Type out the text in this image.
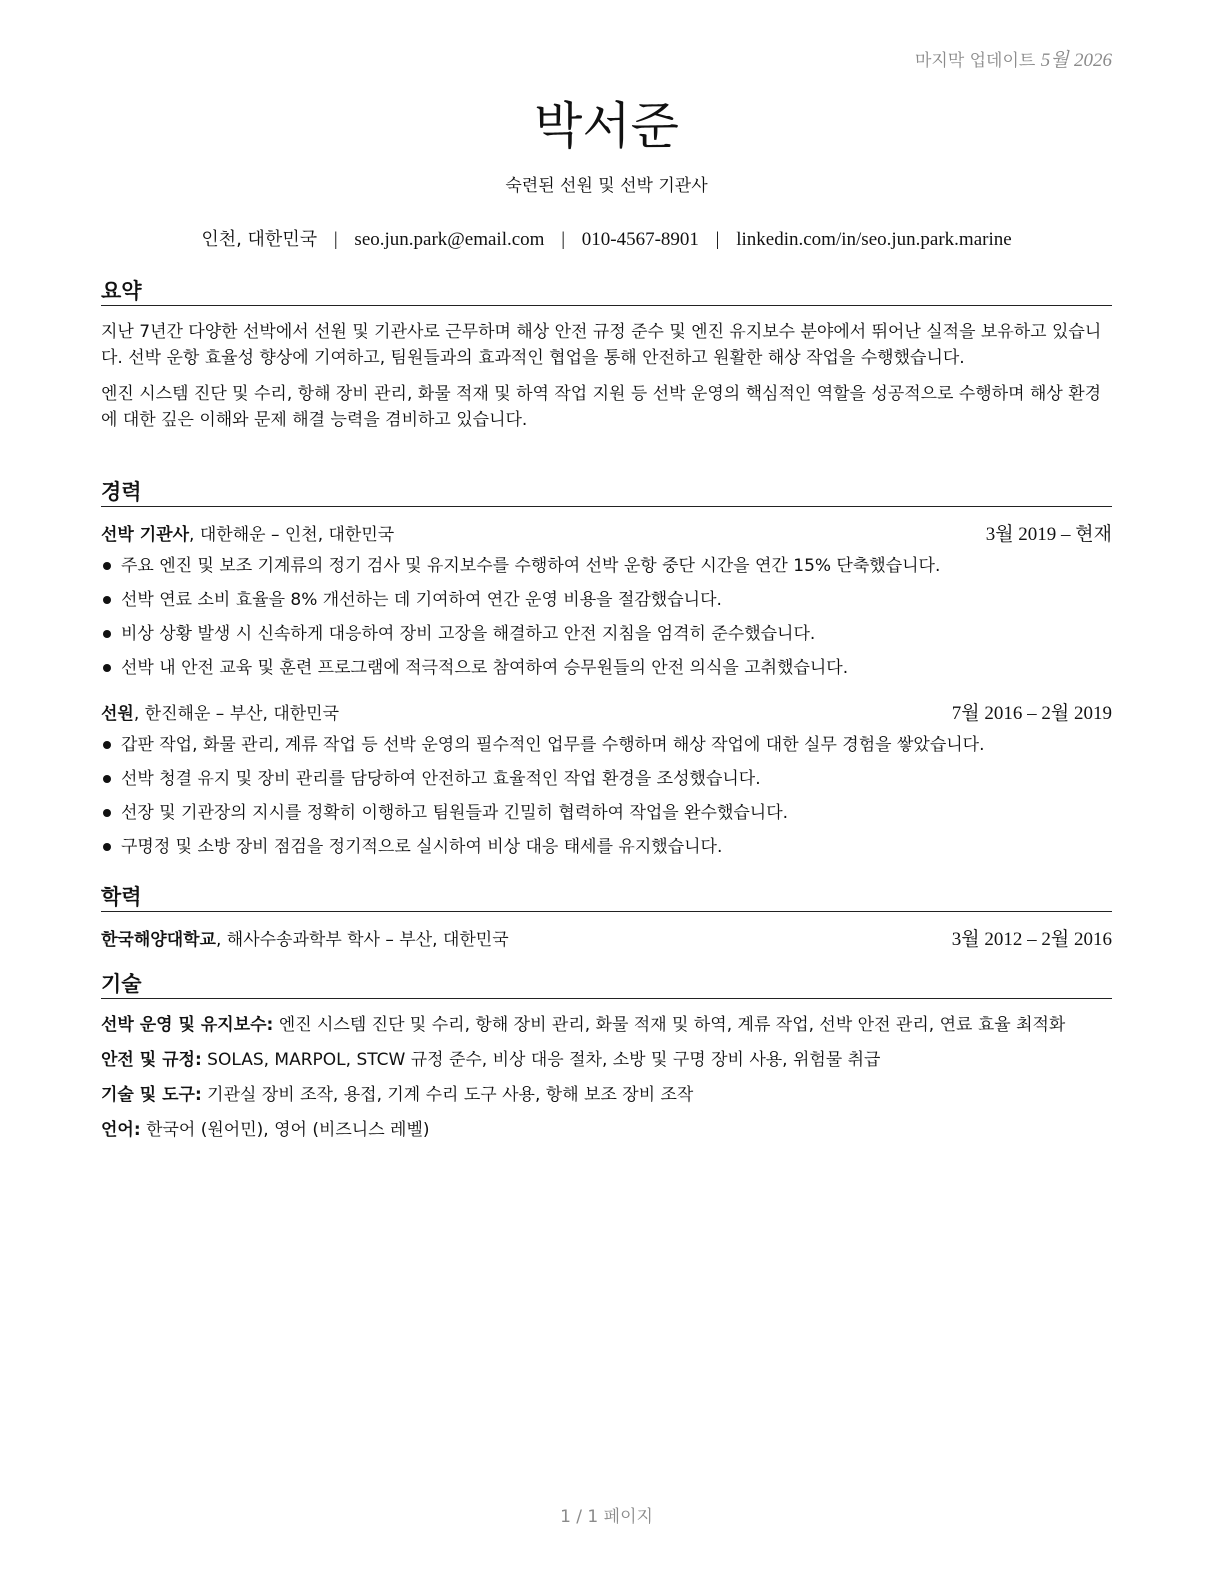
마지막 업데이트 5월 2026
박서준
숙련된 선원 및 선박 기관사
인천, 대한민국 | seo.jun.park@email.com | 010-4567-8901 | linkedin.com/in/seo.jun.park.marine
요약

지난 7년간 다양한 선박에서 선원 및 기관사로 근무하며 해상 안전 규정 준수 및 엔진 유지보수 분야에서 뛰어난 실적을 보유하고 있습니다. 선박 운항 효율성 향상에 기여하고, 팀원들과의 효과적인 협업을 통해 안전하고 원활한 해상 작업을 수행했습니다.

엔진 시스템 진단 및 수리, 항해 장비 관리, 화물 적재 및 하역 작업 지원 등 선박 운영의 핵심적인 역할을 성공적으로 수행하며 해상 환경에 대한 깊은 이해와 문제 해결 능력을 겸비하고 있습니다.

경력
선박 기관사, 대한해운 – 인천, 대한민국	3월 2019 – 현재
주요 엔진 및 보조 기계류의 정기 검사 및 유지보수를 수행하여 선박 운항 중단 시간을 연간 15% 단축했습니다.
선박 연료 소비 효율을 8% 개선하는 데 기여하여 연간 운영 비용을 절감했습니다.
비상 상황 발생 시 신속하게 대응하여 장비 고장을 해결하고 안전 지침을 엄격히 준수했습니다.
선박 내 안전 교육 및 훈련 프로그램에 적극적으로 참여하여 승무원들의 안전 의식을 고취했습니다.
선원, 한진해운 – 부산, 대한민국	7월 2016 – 2월 2019
갑판 작업, 화물 관리, 계류 작업 등 선박 운영의 필수적인 업무를 수행하며 해상 작업에 대한 실무 경험을 쌓았습니다.
선박 청결 유지 및 장비 관리를 담당하여 안전하고 효율적인 작업 환경을 조성했습니다.
선장 및 기관장의 지시를 정확히 이행하고 팀원들과 긴밀히 협력하여 작업을 완수했습니다.
구명정 및 소방 장비 점검을 정기적으로 실시하여 비상 대응 태세를 유지했습니다.
학력
한국해양대학교, 해사수송과학부 학사 – 부산, 대한민국	3월 2012 – 2월 2016
기술

선박 운영 및 유지보수: 엔진 시스템 진단 및 수리, 항해 장비 관리, 화물 적재 및 하역, 계류 작업, 선박 안전 관리, 연료 효율 최적화

안전 및 규정: SOLAS, MARPOL, STCW 규정 준수, 비상 대응 절차, 소방 및 구명 장비 사용, 위험물 취급

기술 및 도구: 기관실 장비 조작, 용접, 기계 수리 도구 사용, 항해 보조 장비 조작

언어: 한국어 (원어민), 영어 (비즈니스 레벨)

1 / 1 페이지
